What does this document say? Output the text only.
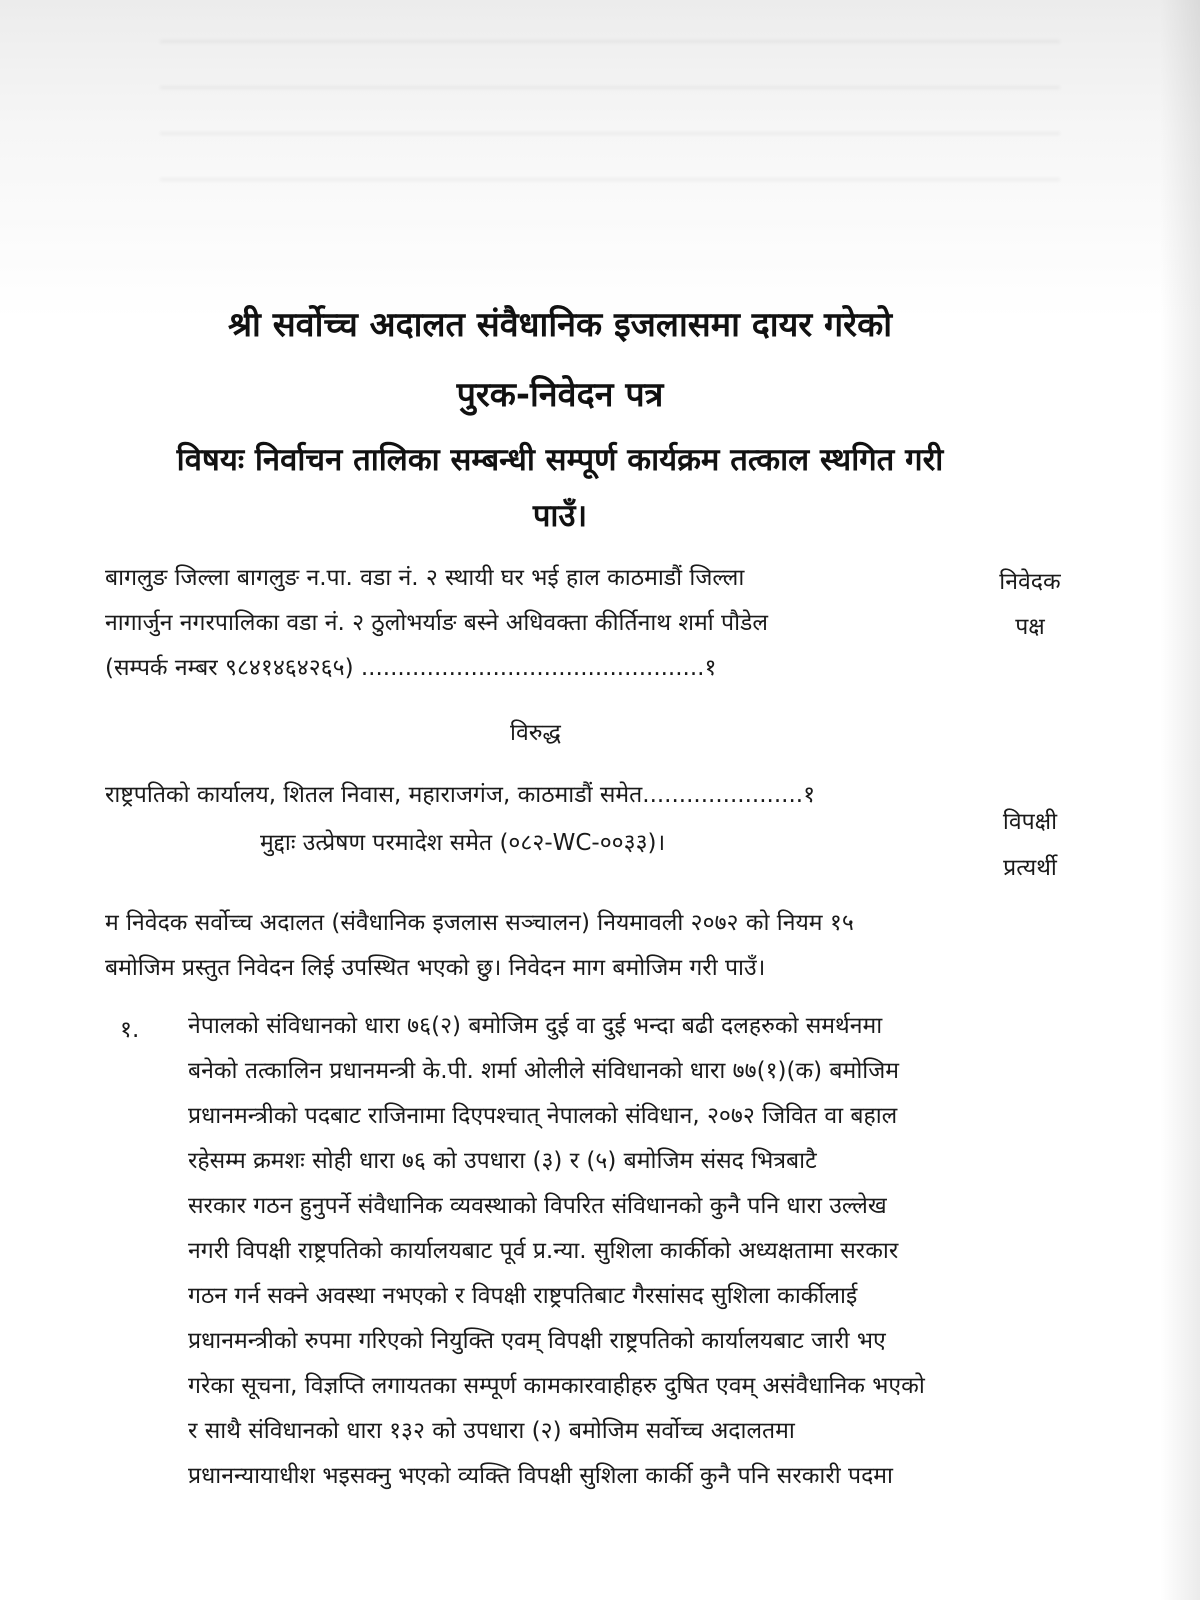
श्री सर्वोच्च अदालत संवैधानिक इजलासमा दायर गरेको
पुरक-निवेदन पत्र
विषयः निर्वाचन तालिका सम्बन्धी सम्पूर्ण कार्यक्रम तत्काल स्थगित गरी
पाउँ।
बागलुङ जिल्ला बागलुङ न.पा. वडा नं. २ स्थायी घर भई हाल काठमाडौं जिल्ला
नागार्जुन नगरपालिका वडा नं. २ ठुलोभर्याङ बस्ने अधिवक्ता कीर्तिनाथ शर्मा पौडेल
(सम्पर्क नम्बर ९८४१४६४२६५) ...............................................१
निवेदक
पक्ष
विरुद्ध
राष्ट्रपतिको कार्यालय, शितल निवास, महाराजगंज, काठमाडौं समेत......................१
विपक्षी
प्रत्यर्थी
मुद्दाः उत्प्रेषण परमादेश समेत (०८२-WC-००३३)।
म निवेदक सर्वोच्च अदालत (संवैधानिक इजलास सञ्चालन) नियमावली २०७२ को नियम १५
बमोजिम प्रस्तुत निवेदन लिई उपस्थित भएको छु। निवेदन माग बमोजिम गरी पाउँ।
१. नेपालको संविधानको धारा ७६(२) बमोजिम दुई वा दुई भन्दा बढी दलहरुको समर्थनमा
बनेको तत्कालिन प्रधानमन्त्री के.पी. शर्मा ओलीले संविधानको धारा ७७(१)(क) बमोजिम
प्रधानमन्त्रीको पदबाट राजिनामा दिएपश्चात् नेपालको संविधान, २०७२ जिवित वा बहाल
रहेसम्म क्रमशः सोही धारा ७६ को उपधारा (३) र (५) बमोजिम संसद भित्रबाटै
सरकार गठन हुनुपर्ने संवैधानिक व्यवस्थाको विपरित संविधानको कुनै पनि धारा उल्लेख
नगरी विपक्षी राष्ट्रपतिको कार्यालयबाट पूर्व प्र.न्या. सुशिला कार्कीको अध्यक्षतामा सरकार
गठन गर्न सक्ने अवस्था नभएको र विपक्षी राष्ट्रपतिबाट गैरसांसद सुशिला कार्कीलाई
प्रधानमन्त्रीको रुपमा गरिएको नियुक्ति एवम् विपक्षी राष्ट्रपतिको कार्यालयबाट जारी भए
गरेका सूचना, विज्ञप्ति लगायतका सम्पूर्ण कामकारवाहीहरु दुषित एवम् असंवैधानिक भएको
र साथै संविधानको धारा १३२ को उपधारा (२) बमोजिम सर्वोच्च अदालतमा
प्रधानन्यायाधीश भइसक्नु भएको व्यक्ति विपक्षी सुशिला कार्की कुनै पनि सरकारी पदमा
